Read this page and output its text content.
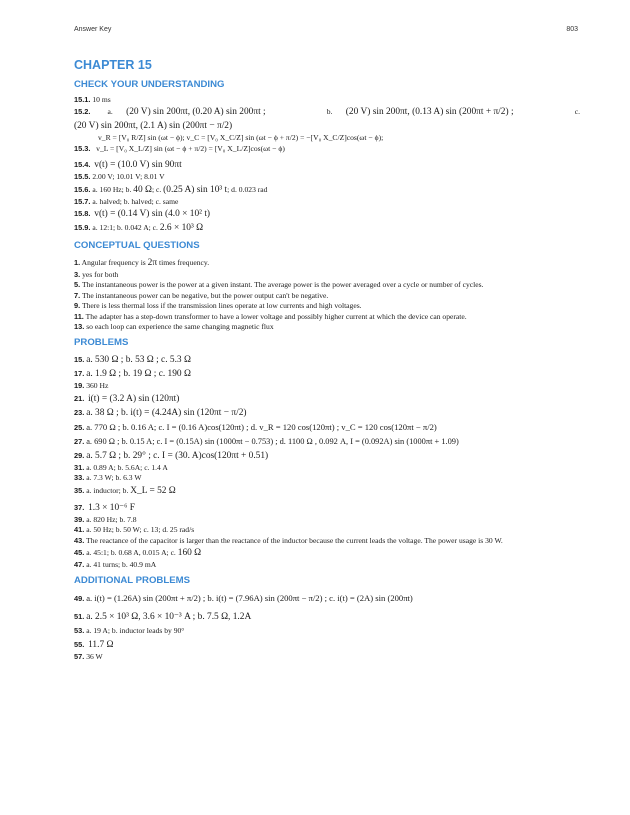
Answer Key	803
CHAPTER 15
CHECK YOUR UNDERSTANDING

15.1. 10 ms

15.2. a. (20 V) sin 200πt, (0.20 A) sin 200πt ;	b. (20 V) sin 200πt, (0.13 A) sin (200πt + π/2) ;	c.

(20 V) sin 200πt, (2.1 A) sin (200πt − π/2)

v_R = [V₀ R/Z] sin (ωt − ϕ); v_C = [V₀ X_C/Z] sin (ωt − ϕ + π/2) = −[V₀ X_C/Z]cos(ωt − ϕ);

15.3. v_L = [V₀ X_L/Z] sin (ωt − ϕ + π/2) = [V₀ X_L/Z]cos(ωt − ϕ)

15.4. v(t) = (10.0 V) sin 90πt

15.5. 2.00 V; 10.01 V; 8.01 V

15.6. a. 160 Hz; b. 40 Ω; c. (0.25 A) sin 10³ t; d. 0.023 rad

15.7. a. halved; b. halved; c. same

15.8. v(t) = (0.14 V) sin (4.0 × 10² t)

15.9. a. 12:1; b. 0.042 A; c. 2.6 × 10³ Ω

CONCEPTUAL QUESTIONS

1. Angular frequency is 2π times frequency.

3. yes for both

5. The instantaneous power is the power at a given instant. The average power is the power averaged over a cycle or number of cycles.

7. The instantaneous power can be negative, but the power output can't be negative.

9. There is less thermal loss if the transmission lines operate at low currents and high voltages.

11. The adapter has a step-down transformer to have a lower voltage and possibly higher current at which the device can operate.

13. so each loop can experience the same changing magnetic flux

PROBLEMS

15. a. 530 Ω ; b. 53 Ω ; c. 5.3 Ω

17. a. 1.9 Ω ; b. 19 Ω ; c. 190 Ω

19. 360 Hz

21. i(t) = (3.2 A) sin (120πt)

23. a. 38 Ω ; b. i(t) = (4.24A) sin (120πt − π/2)

25. a. 770 Ω ; b. 0.16 A; c. I = (0.16 A)cos(120πt) ; d. v_R = 120 cos(120πt) ; v_C = 120 cos(120πt − π/2)

27. a. 690 Ω ; b. 0.15 A; c. I = (0.15A) sin (1000πt − 0.753) ; d. 1100 Ω , 0.092 A, I = (0.092A) sin (1000πt + 1.09)

29. a. 5.7 Ω ; b. 29° ; c. I = (30. A)cos(120πt + 0.51)

31. a. 0.89 A; b. 5.6A; c. 1.4 A

33. a. 7.3 W; b. 6.3 W

35. a. inductor; b. X_L = 52 Ω

37. 1.3 × 10⁻⁶ F

39. a. 820 Hz; b. 7.8

41. a. 50 Hz; b. 50 W; c. 13; d. 25 rad/s

43. The reactance of the capacitor is larger than the reactance of the inductor because the current leads the voltage. The power usage is 30 W.

45. a. 45:1; b. 0.68 A, 0.015 A; c. 160 Ω

47. a. 41 turns; b. 40.9 mA

ADDITIONAL PROBLEMS

49. a. i(t) = (1.26A) sin (200πt + π/2) ; b. i(t) = (7.96A) sin (200πt − π/2) ; c. i(t) = (2A) sin (200πt)

51. a. 2.5 × 10³ Ω, 3.6 × 10⁻³ A ; b. 7.5 Ω, 1.2A

53. a. 19 A; b. inductor leads by 90°

55. 11.7 Ω

57. 36 W
